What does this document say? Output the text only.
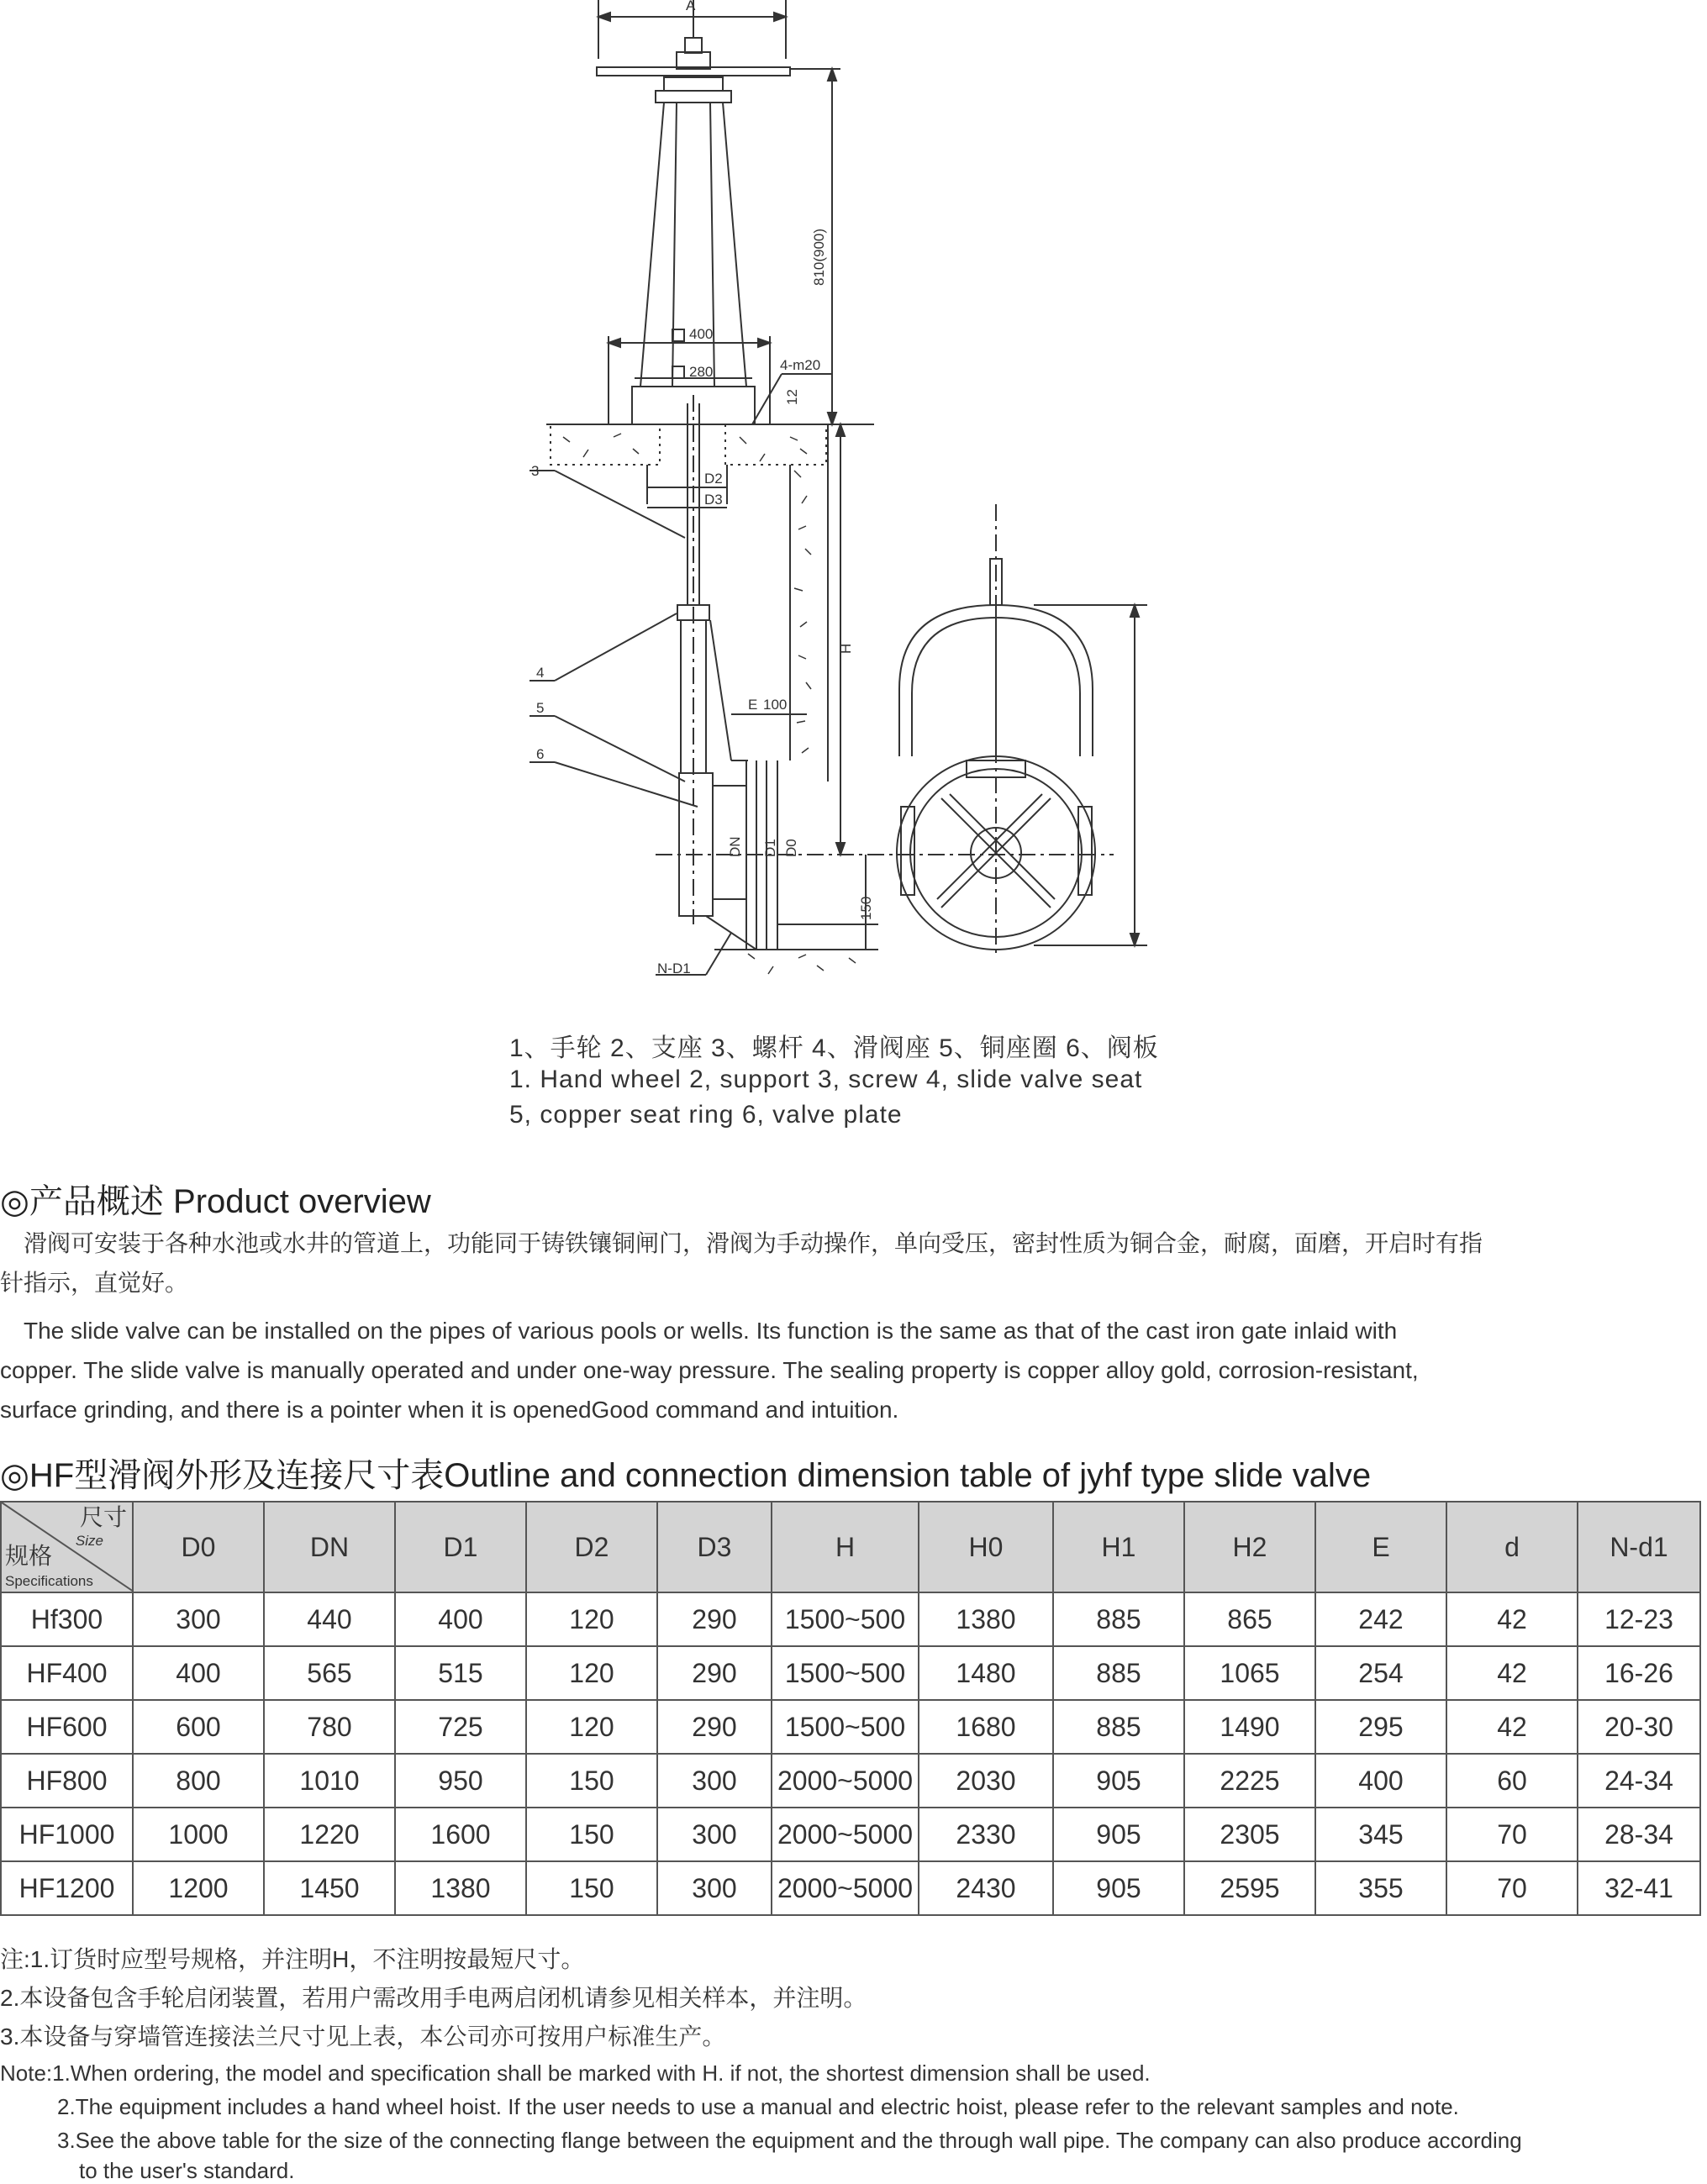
A
810(900)
400
280	4-m20
12
D2
D3
H
E 100
DN D1 D0
150
N-D1
3
4
5
6
1、手轮 2、支座 3、螺杆 4、滑阀座 5、铜座圈 6、阀板
1. Hand wheel 2, support 3, screw 4, slide valve seat
5, copper seat ring 6, valve plate
◎产品概述 Product overview
　滑阀可安装于各种水池或水井的管道上，功能同于铸铁镶铜闸门，滑阀为手动操作，单向受压，密封性质为铜合金，耐腐，面磨，开启时有指
针指示，直觉好。
　The slide valve can be installed on the pipes of various pools or wells. Its function is the same as that of the cast iron gate inlaid with
copper. The slide valve is manually operated and under one-way pressure. The sealing property is copper alloy gold, corrosion-resistant,
surface grinding, and there is a pointer when it is openedGood command and intuition.
◎HF型滑阀外形及连接尺寸表Outline and connection dimension table of jyhf type slide valve
尺寸
Size
规格
Specifications	D0	DN	D1	D2	D3	H	H0	H1	H2	E	d	N-d1
Hf300	300	440	400	120	290	1500~500	1380	885	865	242	42	12-23
HF400	400	565	515	120	290	1500~500	1480	885	1065	254	42	16-26
HF600	600	780	725	120	290	1500~500	1680	885	1490	295	42	20-30
HF800	800	1010	950	150	300	2000~5000	2030	905	2225	400	60	24-34
HF1000	1000	1220	1600	150	300	2000~5000	2330	905	2305	345	70	28-34
HF1200	1200	1450	1380	150	300	2000~5000	2430	905	2595	355	70	32-41
注:1.订货时应型号规格，并注明H，不注明按最短尺寸。
2.本设备包含手轮启闭装置，若用户需改用手电两启闭机请参见相关样本，并注明。
3.本设备与穿墙管连接法兰尺寸见上表，本公司亦可按用户标准生产。
Note:1.When ordering, the model and specification shall be marked with H. if not, the shortest dimension shall be used.
2.The equipment includes a hand wheel hoist. If the user needs to use a manual and electric hoist, please refer to the relevant samples and note.
3.See the above table for the size of the connecting flange between the equipment and the through wall pipe. The company can also produce according
to the user's standard.
